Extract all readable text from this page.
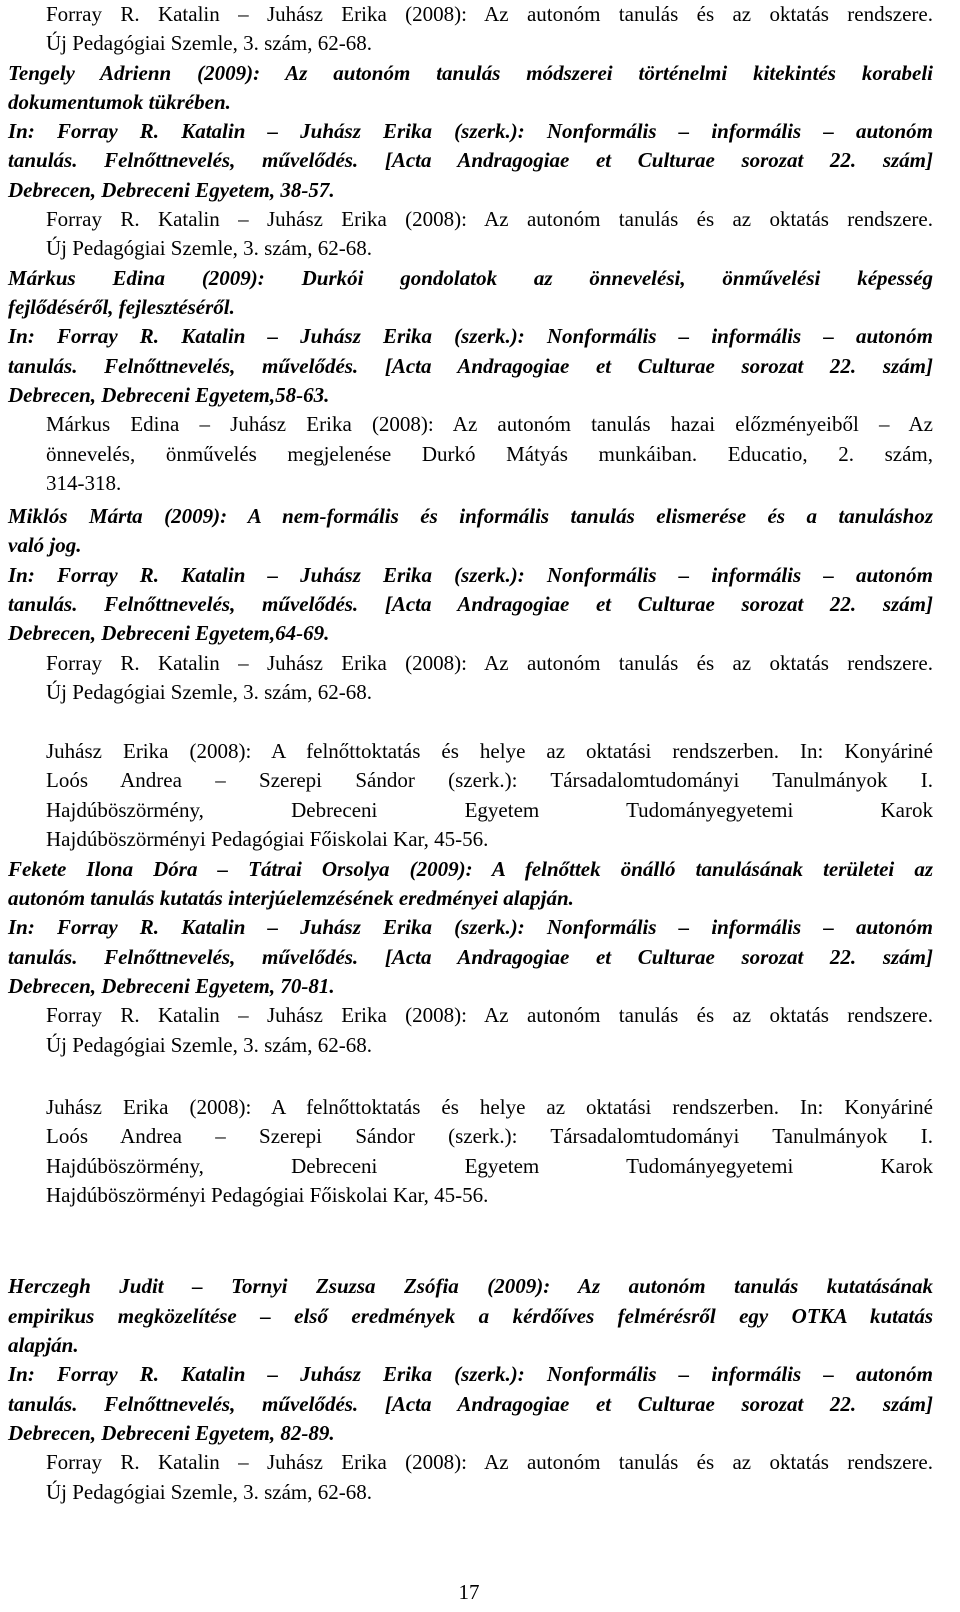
Forray R. Katalin – Juhász Erika (2008): Az autonóm tanulás és az oktatás rendszere.
Új Pedagógiai Szemle, 3. szám, 62-68.
Tengely Adrienn (2009): Az autonóm tanulás módszerei történelmi kitekintés korabeli
dokumentumok tükrében.
In: Forray R. Katalin – Juhász Erika (szerk.): Nonformális – informális – autonóm
tanulás. Felnőttnevelés, művelődés. [Acta Andragogiae et Culturae sorozat 22. szám]
Debrecen, Debreceni Egyetem, 38-57.
Forray R. Katalin – Juhász Erika (2008): Az autonóm tanulás és az oktatás rendszere.
Új Pedagógiai Szemle, 3. szám, 62-68.
Márkus Edina (2009): Durkói gondolatok az önnevelési, önművelési képesség
fejlődéséről, fejlesztéséről.
In: Forray R. Katalin – Juhász Erika (szerk.): Nonformális – informális – autonóm
tanulás. Felnőttnevelés, művelődés. [Acta Andragogiae et Culturae sorozat 22. szám]
Debrecen, Debreceni Egyetem,58-63.
Márkus Edina – Juhász Erika (2008): Az autonóm tanulás hazai előzményeiből – Az
önnevelés, önművelés megjelenése Durkó Mátyás munkáiban. Educatio, 2. szám,
314-318.
Miklós Márta (2009): A nem-formális és informális tanulás elismerése és a tanuláshoz
való jog.
In: Forray R. Katalin – Juhász Erika (szerk.): Nonformális – informális – autonóm
tanulás. Felnőttnevelés, művelődés. [Acta Andragogiae et Culturae sorozat 22. szám]
Debrecen, Debreceni Egyetem,64-69.
Forray R. Katalin – Juhász Erika (2008): Az autonóm tanulás és az oktatás rendszere.
Új Pedagógiai Szemle, 3. szám, 62-68.
Juhász Erika (2008): A felnőttoktatás és helye az oktatási rendszerben. In: Konyáriné
Loós Andrea – Szerepi Sándor (szerk.): Társadalomtudományi Tanulmányok I.
Hajdúböszörmény, Debreceni Egyetem Tudományegyetemi Karok
Hajdúböszörményi Pedagógiai Főiskolai Kar, 45-56.
Fekete Ilona Dóra – Tátrai Orsolya (2009): A felnőttek önálló tanulásának területei az
autonóm tanulás kutatás interjúelemzésének eredményei alapján.
In: Forray R. Katalin – Juhász Erika (szerk.): Nonformális – informális – autonóm
tanulás. Felnőttnevelés, művelődés. [Acta Andragogiae et Culturae sorozat 22. szám]
Debrecen, Debreceni Egyetem, 70-81.
Forray R. Katalin – Juhász Erika (2008): Az autonóm tanulás és az oktatás rendszere.
Új Pedagógiai Szemle, 3. szám, 62-68.
Juhász Erika (2008): A felnőttoktatás és helye az oktatási rendszerben. In: Konyáriné
Loós Andrea – Szerepi Sándor (szerk.): Társadalomtudományi Tanulmányok I.
Hajdúböszörmény, Debreceni Egyetem Tudományegyetemi Karok
Hajdúböszörményi Pedagógiai Főiskolai Kar, 45-56.
Herczegh Judit – Tornyi Zsuzsa Zsófia (2009): Az autonóm tanulás kutatásának
empirikus megközelítése – első eredmények a kérdőíves felmérésről egy OTKA kutatás
alapján.
In: Forray R. Katalin – Juhász Erika (szerk.): Nonformális – informális – autonóm
tanulás. Felnőttnevelés, művelődés. [Acta Andragogiae et Culturae sorozat 22. szám]
Debrecen, Debreceni Egyetem, 82-89.
Forray R. Katalin – Juhász Erika (2008): Az autonóm tanulás és az oktatás rendszere.
Új Pedagógiai Szemle, 3. szám, 62-68.
17
